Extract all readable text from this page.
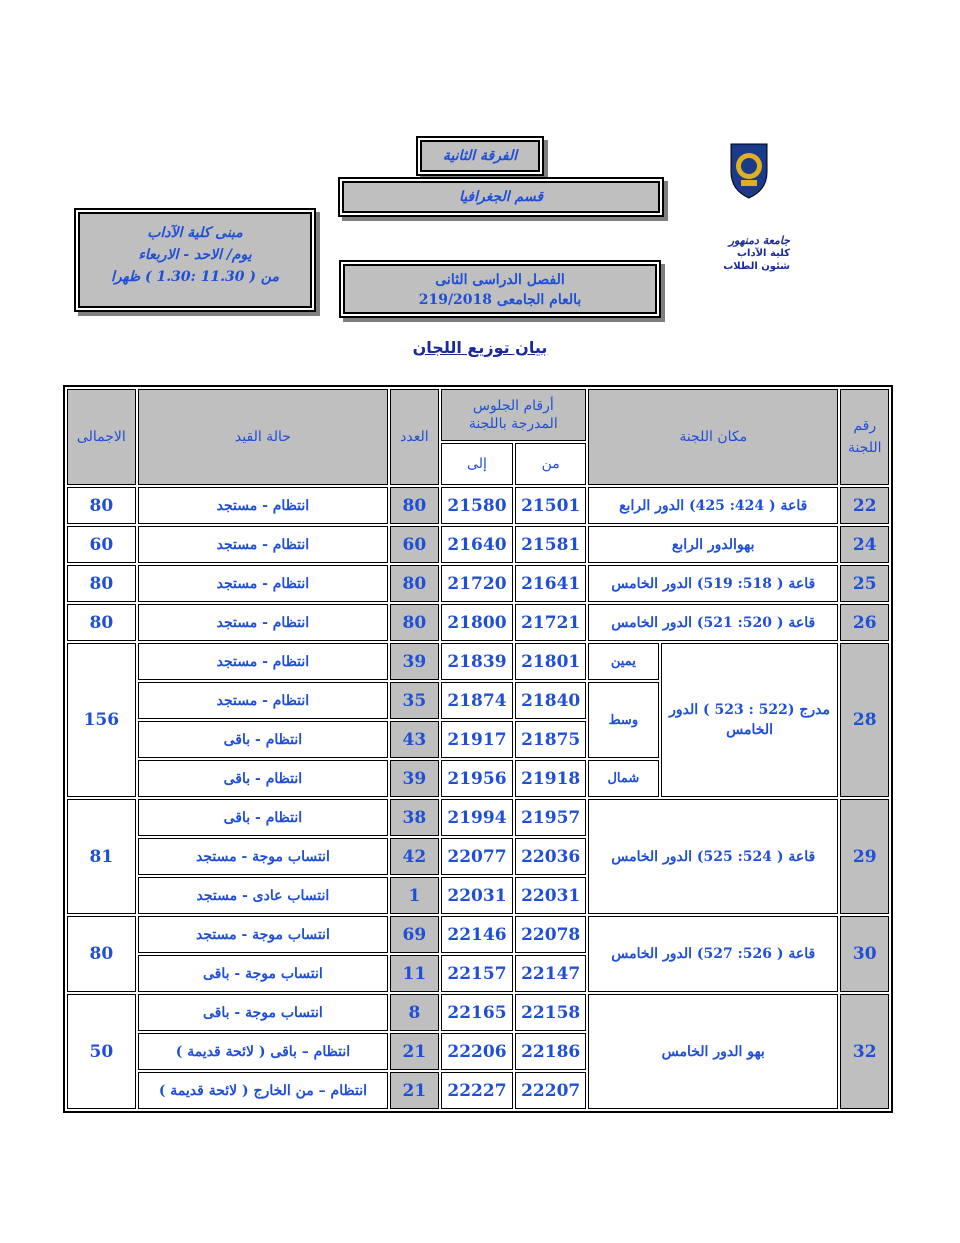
الفرقة الثانية
قسم الجغرافيا
الفصل الدراسى الثانى
بالعام الجامعى 219/2018
مبنى كلية الآداب
يوم/ الاحد - الاربعاء
من ( 11.30 :1.30 ) ظهرا
جامعة دمنهور
كلية الآداب
شئون الطلاب
بيان توزيع اللجان
الاجمالى	حالة القيد	العدد	أرقام الجلوس المدرجة باللجنة		مكان اللجنة		رقم اللجنة
			إلى	من			
80	انتظام - مستجد	80	21580	21501	قاعة ( 424: 425) الدور الرابع		22
60	انتظام - مستجد	60	21640	21581	بهوالدور الرابع		24
80	انتظام - مستجد	80	21720	21641	قاعة ( 518: 519) الدور الخامس		25
80	انتظام - مستجد	80	21800	21721	قاعة ( 520: 521) الدور الخامس		26
156	انتظام - مستجد	39	21839	21801	يمين	مدرج (522 : 523 ) الدور الخامس	28
	انتظام - مستجد	35	21874	21840	وسط		
	انتظام - باقى	43	21917	21875			
	انتظام - باقى	39	21956	21918	شمال		
81	انتظام - باقى	38	21994	21957	قاعة ( 524: 525) الدور الخامس		29
	انتساب موجة - مستجد	42	22077	22036			
	انتساب عادى - مستجد	1	22031	22031			
80	انتساب موجة - مستجد	69	22146	22078	قاعة ( 526: 527) الدور الخامس		30
	انتساب موجة - باقى	11	22157	22147			
50	انتساب موجة - باقى	8	22165	22158	بهو الدور الخامس		32
	انتظام – باقى ( لائحة قديمة )	21	22206	22186			
	انتظام – من الخارج ( لائحة قديمة )	21	22227	22207			
